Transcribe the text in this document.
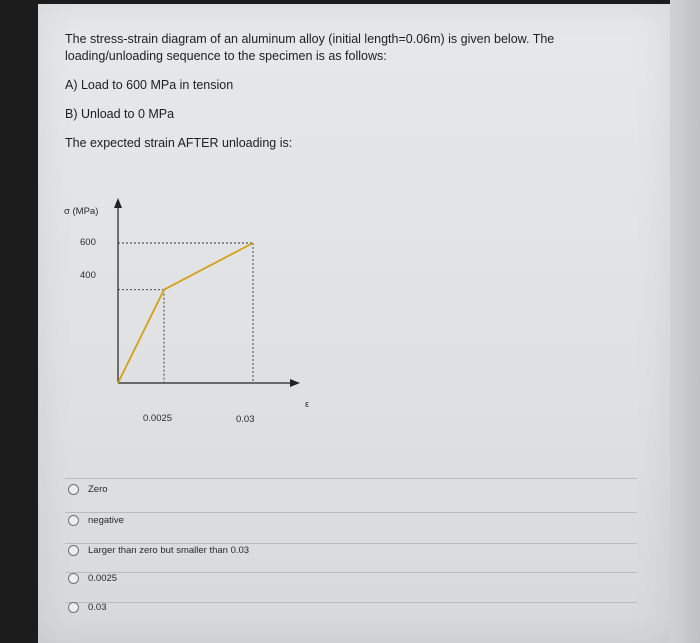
The stress-strain diagram of an aluminum alloy (initial length=0.06m) is given below. The
loading/unloading sequence to the specimen is as follows:
A) Load to 600 MPa in tension
B) Unload to 0 MPa
The expected strain AFTER unloading is:
σ (MPa)
600
400
0.0025	0.03
ε
Zero
negative
Larger than zero but smaller than 0.03
0.0025
0.03
